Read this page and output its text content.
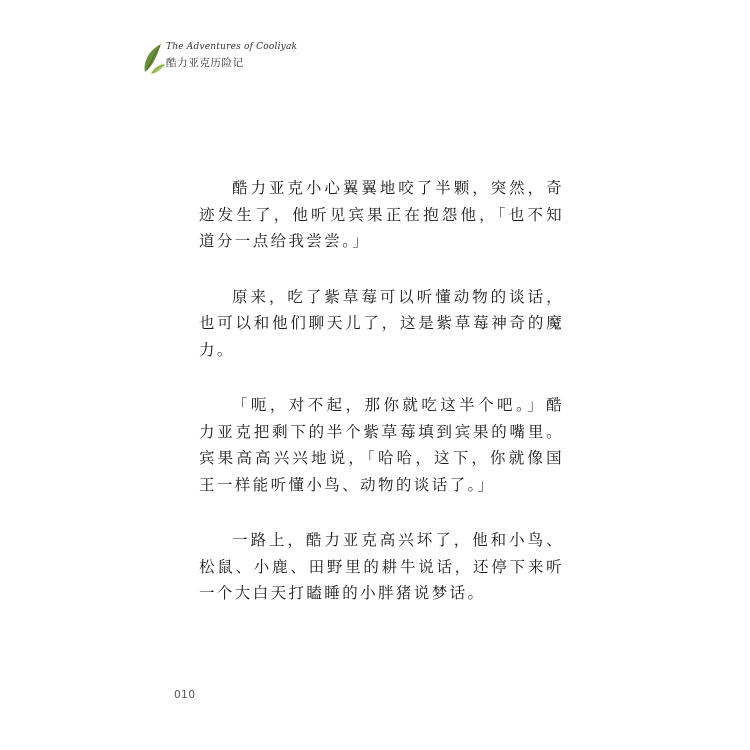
The Adventures of Cooliyak
酷力亚克历险记

酷力亚克小心翼翼地咬了半颗，突然，奇迹发生了，他听见宾果正在抱怨他，「也不知道分一点给我尝尝。」

原来，吃了紫草莓可以听懂动物的谈话，也可以和他们聊天儿了，这是紫草莓神奇的魔力。

「呃，对不起，那你就吃这半个吧。」酷力亚克把剩下的半个紫草莓填到宾果的嘴里。宾果高高兴兴地说，「哈哈，这下，你就像国王一样能听懂小鸟、动物的谈话了。」

一路上，酷力亚克高兴坏了，他和小鸟、松鼠、小鹿、田野里的耕牛说话，还停下来听一个大白天打瞌睡的小胖猪说梦话。

010
